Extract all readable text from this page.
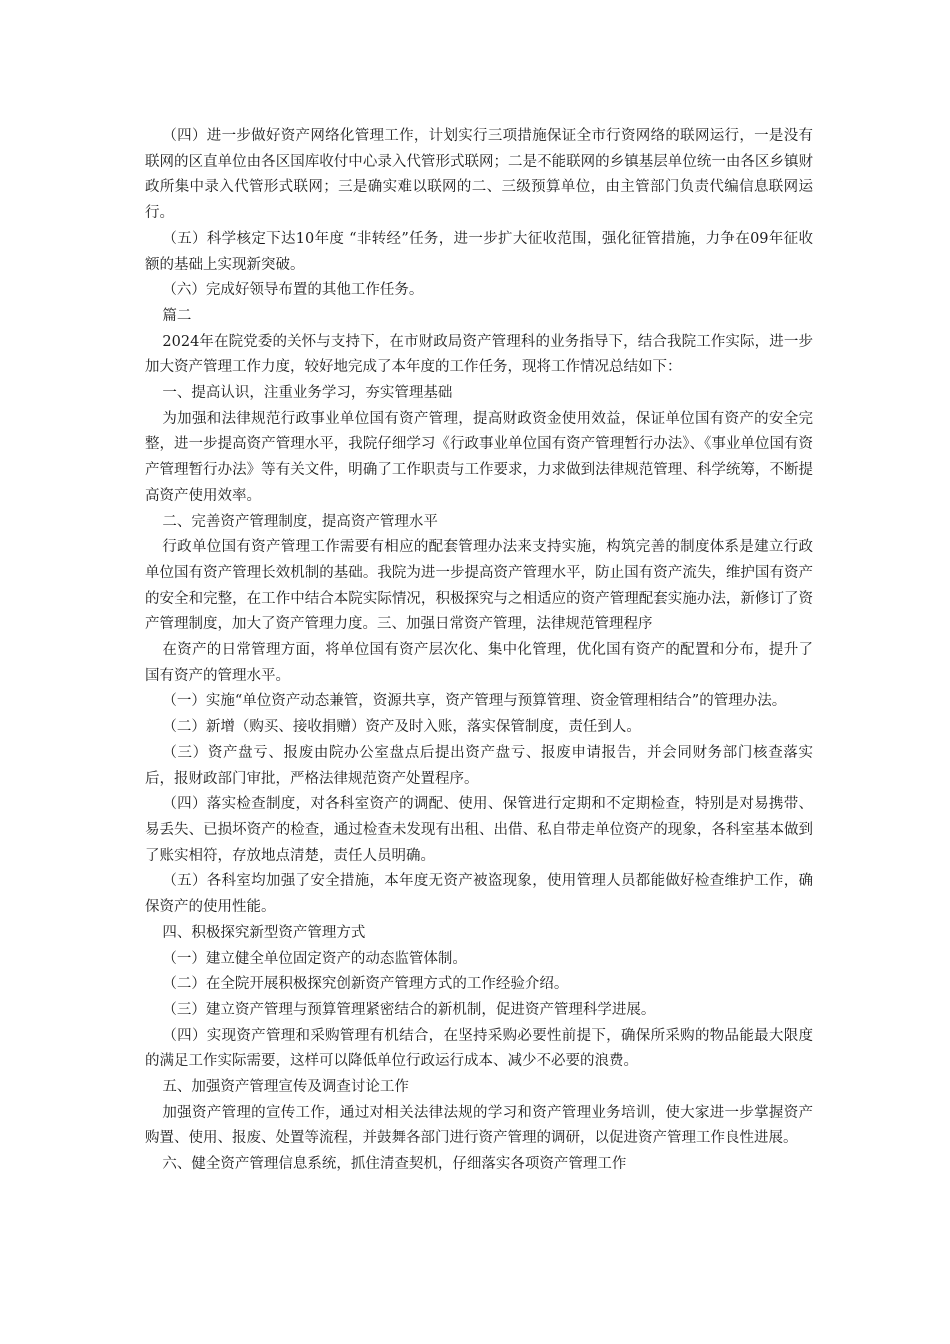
（四）进一步做好资产网络化管理工作，计划实行三项措施保证全市行资网络的联网运行，一是没有联网的区直单位由各区国库收付中心录入代管形式联网；二是不能联网的乡镇基层单位统一由各区乡镇财政所集中录入代管形式联网；三是确实难以联网的二、三级预算单位，由主管部门负责代编信息联网运行。

（五）科学核定下达10年度 “非转经”任务，进一步扩大征收范围，强化征管措施，力争在09年征收额的基础上实现新突破。

（六）完成好领导布置的其他工作任务。

篇二

2024年在院党委的关怀与支持下，在市财政局资产管理科的业务指导下，结合我院工作实际，进一步加大资产管理工作力度，较好地完成了本年度的工作任务，现将工作情况总结如下：

一、提高认识，注重业务学习，夯实管理基础

为加强和法律规范行政事业单位国有资产管理，提高财政资金使用效益，保证单位国有资产的安全完整，进一步提高资产管理水平，我院仔细学习《行政事业单位国有资产管理暂行办法》、《事业单位国有资产管理暂行办法》等有关文件，明确了工作职责与工作要求，力求做到法律规范管理、科学统筹，不断提高资产使用效率。

二、完善资产管理制度，提高资产管理水平

行政单位国有资产管理工作需要有相应的配套管理办法来支持实施，构筑完善的制度体系是建立行政单位国有资产管理长效机制的基础。我院为进一步提高资产管理水平，防止国有资产流失，维护国有资产的安全和完整，在工作中结合本院实际情况，积极探究与之相适应的资产管理配套实施办法，新修订了资产管理制度，加大了资产管理力度。三、加强日常资产管理，法律规范管理程序

在资产的日常管理方面，将单位国有资产层次化、集中化管理，优化国有资产的配置和分布，提升了国有资产的管理水平。

（一）实施“单位资产动态兼管，资源共享，资产管理与预算管理、资金管理相结合”的管理办法。

（二）新增（购买、接收捐赠）资产及时入账，落实保管制度，责任到人。

（三）资产盘亏、报废由院办公室盘点后提出资产盘亏、报废申请报告，并会同财务部门核查落实后，报财政部门审批，严格法律规范资产处置程序。

（四）落实检查制度，对各科室资产的调配、使用、保管进行定期和不定期检查，特别是对易携带、易丢失、已损坏资产的检查，通过检查未发现有出租、出借、私自带走单位资产的现象，各科室基本做到了账实相符，存放地点清楚，责任人员明确。

（五）各科室均加强了安全措施，本年度无资产被盗现象，使用管理人员都能做好检查维护工作，确保资产的使用性能。

四、积极探究新型资产管理方式

（一）建立健全单位固定资产的动态监管体制。

（二）在全院开展积极探究创新资产管理方式的工作经验介绍。

（三）建立资产管理与预算管理紧密结合的新机制，促进资产管理科学进展。

（四）实现资产管理和采购管理有机结合，在坚持采购必要性前提下，确保所采购的物品能最大限度的满足工作实际需要，这样可以降低单位行政运行成本、减少不必要的浪费。

五、加强资产管理宣传及调查讨论工作

加强资产管理的宣传工作，通过对相关法律法规的学习和资产管理业务培训，使大家进一步掌握资产购置、使用、报废、处置等流程，并鼓舞各部门进行资产管理的调研，以促进资产管理工作良性进展。

六、健全资产管理信息系统，抓住清查契机，仔细落实各项资产管理工作
